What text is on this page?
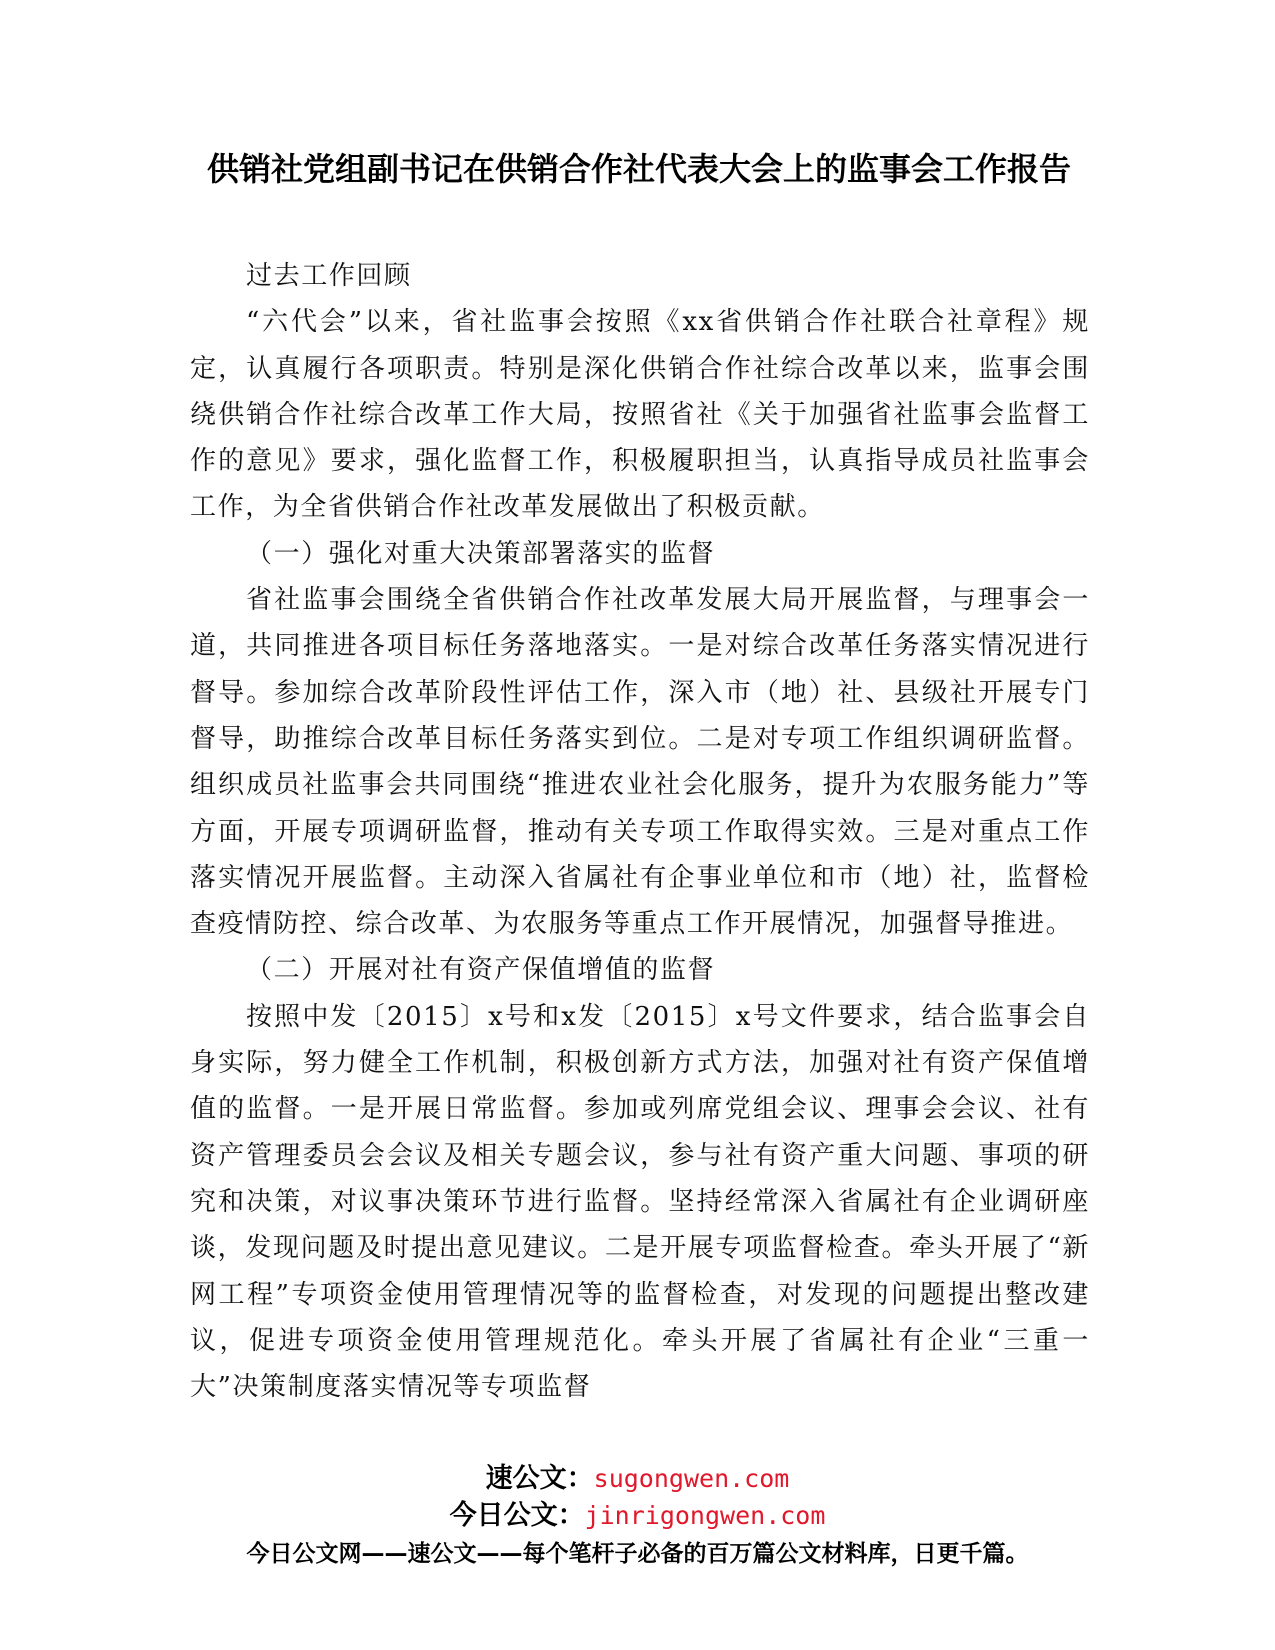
供销社党组副书记在供销合作社代表大会上的监事会工作报告

过去工作回顾

“六代会”以来，省社监事会按照《xx省供销合作社联合社章程》规定，认真履行各项职责。特别是深化供销合作社综合改革以来，监事会围绕供销合作社综合改革工作大局，按照省社《关于加强省社监事会监督工作的意见》要求，强化监督工作，积极履职担当，认真指导成员社监事会工作，为全省供销合作社改革发展做出了积极贡献。

（一）强化对重大决策部署落实的监督

省社监事会围绕全省供销合作社改革发展大局开展监督，与理事会一道，共同推进各项目标任务落地落实。一是对综合改革任务落实情况进行督导。参加综合改革阶段性评估工作，深入市（地）社、县级社开展专门督导，助推综合改革目标任务落实到位。二是对专项工作组织调研监督。组织成员社监事会共同围绕“推进农业社会化服务，提升为农服务能力”等方面，开展专项调研监督，推动有关专项工作取得实效。三是对重点工作落实情况开展监督。主动深入省属社有企事业单位和市（地）社，监督检查疫情防控、综合改革、为农服务等重点工作开展情况，加强督导推进。

（二）开展对社有资产保值增值的监督

按照中发〔2015〕x号和x发〔2015〕x号文件要求，结合监事会自身实际，努力健全工作机制，积极创新方式方法，加强对社有资产保值增值的监督。一是开展日常监督。参加或列席党组会议、理事会会议、社有资产管理委员会会议及相关专题会议，参与社有资产重大问题、事项的研究和决策，对议事决策环节进行监督。坚持经常深入省属社有企业调研座谈，发现问题及时提出意见建议。二是开展专项监督检查。牵头开展了“新网工程”专项资金使用管理情况等的监督检查，对发现的问题提出整改建议，促进专项资金使用管理规范化。牵头开展了省属社有企业“三重一大”决策制度落实情况等专项监督

速公文：sugongwen.com
今日公文：jinrigongwen.com
今日公文网——速公文——每个笔杆子必备的百万篇公文材料库，日更千篇。
